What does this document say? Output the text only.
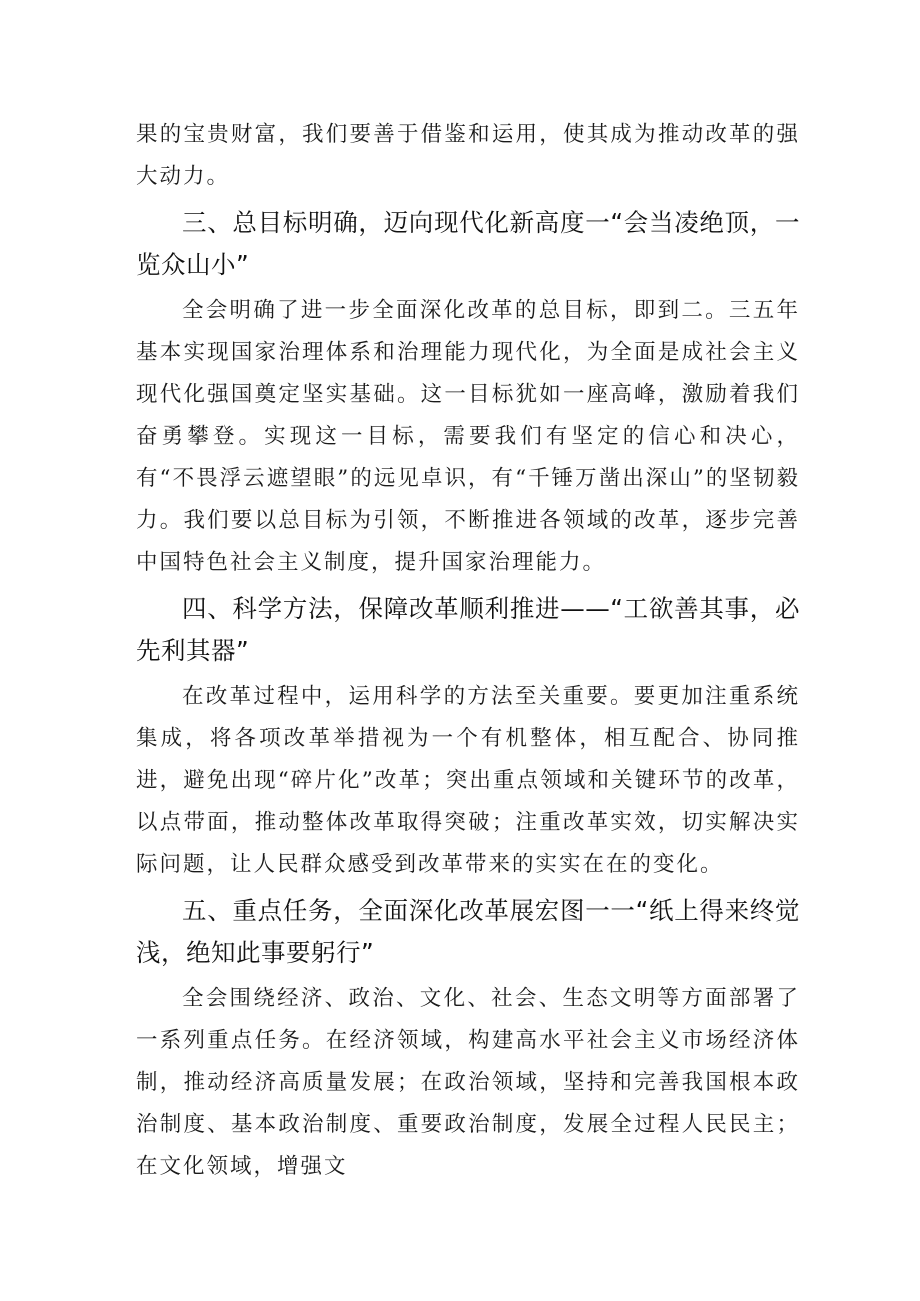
果的宝贵财富，我们要善于借鉴和运用，使其成为推动改革的强大动力。

三、总目标明确，迈向现代化新高度一“会当凌绝顶，一览众山小”

全会明确了进一步全面深化改革的总目标，即到二。三五年基本实现国家治理体系和治理能力现代化，为全面是成社会主义现代化强国奠定坚实基础。这一目标犹如一座高峰，激励着我们奋勇攀登。实现这一目标，需要我们有坚定的信心和决心，有“不畏浮云遮望眼”的远见卓识，有“千锤万凿出深山”的坚韧毅力。我们要以总目标为引领，不断推进各领域的改革，逐步完善中国特色社会主义制度，提升国家治理能力。

四、科学方法，保障改革顺利推进——“工欲善其事，必先利其器”

在改革过程中，运用科学的方法至关重要。要更加注重系统集成，将各项改革举措视为一个有机整体，相互配合、协同推进，避免出现“碎片化”改革；突出重点领域和关键环节的改革，以点带面，推动整体改革取得突破；注重改革实效，切实解决实际问题，让人民群众感受到改革带来的实实在在的变化。

五、重点任务，全面深化改革展宏图一一“纸上得来终觉浅，绝知此事要躬行”

全会围绕经济、政治、文化、社会、生态文明等方面部署了一系列重点任务。在经济领域，构建高水平社会主义市场经济体制，推动经济高质量发展；在政治领域，坚持和完善我国根本政治制度、基本政治制度、重要政治制度，发展全过程人民民主；在文化领域，增强文
